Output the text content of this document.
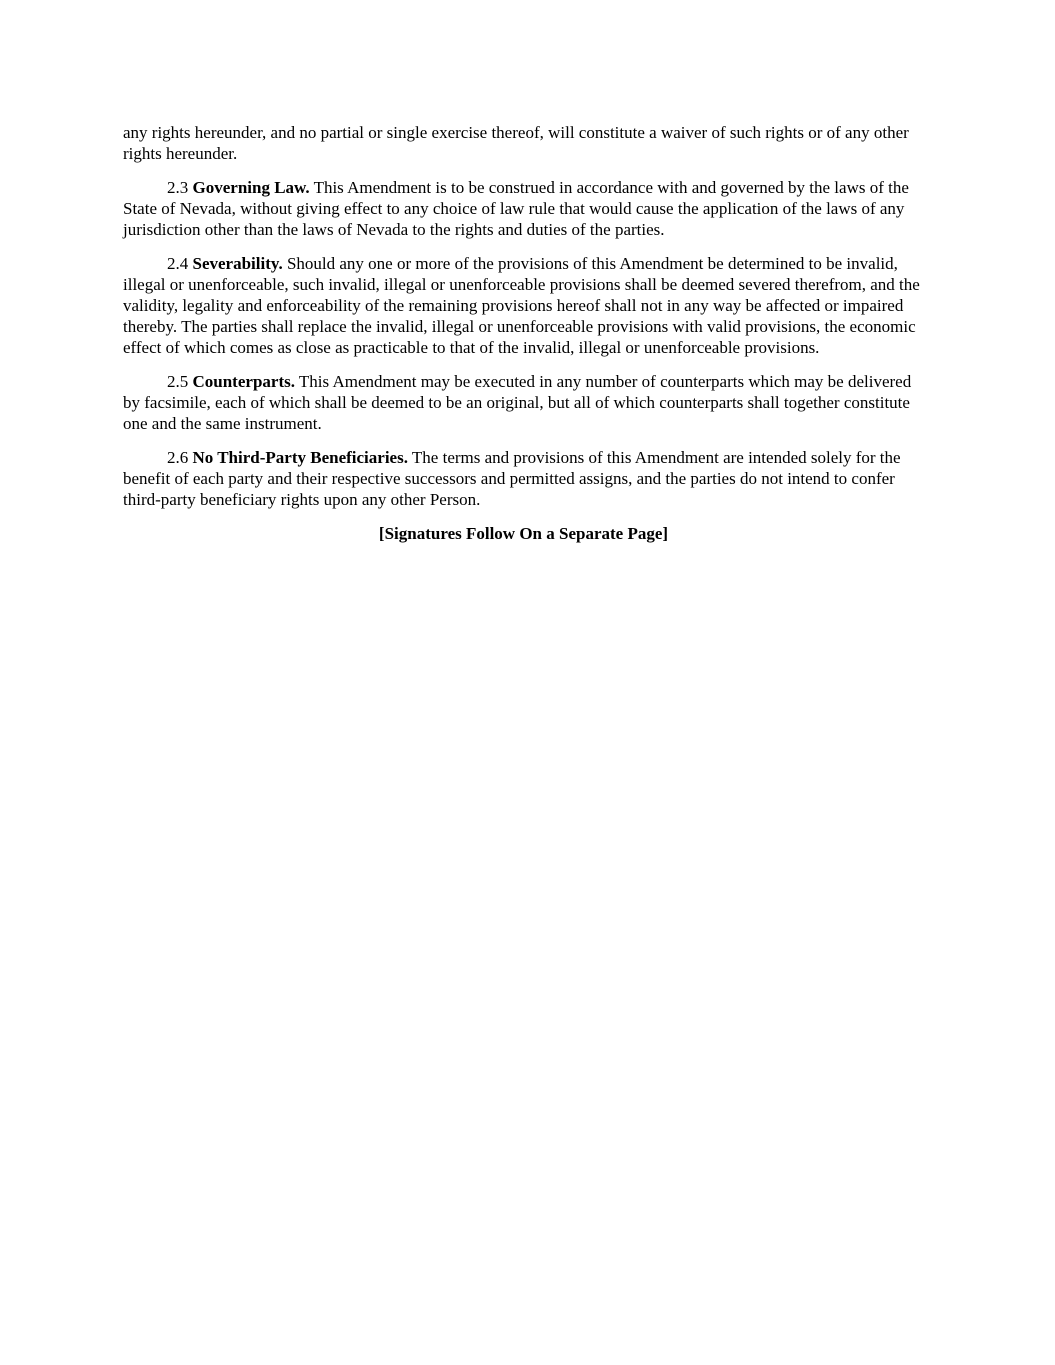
any rights hereunder, and no partial or single exercise thereof, will constitute a waiver of such rights or of any other rights hereunder.

2.3 Governing Law. This Amendment is to be construed in accordance with and governed by the laws of the State of Nevada, without giving effect to any choice of law rule that would cause the application of the laws of any jurisdiction other than the laws of Nevada to the rights and duties of the parties.

2.4 Severability. Should any one or more of the provisions of this Amendment be determined to be invalid, illegal or unenforceable, such invalid, illegal or unenforceable provisions shall be deemed severed therefrom, and the validity, legality and enforceability of the remaining provisions hereof shall not in any way be affected or impaired thereby. The parties shall replace the invalid, illegal or unenforceable provisions with valid provisions, the economic effect of which comes as close as practicable to that of the invalid, illegal or unenforceable provisions.

2.5 Counterparts. This Amendment may be executed in any number of counterparts which may be delivered by facsimile, each of which shall be deemed to be an original, but all of which counterparts shall together constitute one and the same instrument.

2.6 No Third-Party Beneficiaries. The terms and provisions of this Amendment are intended solely for the benefit of each party and their respective successors and permitted assigns, and the parties do not intend to confer third-party beneficiary rights upon any other Person.

[Signatures Follow On a Separate Page]
